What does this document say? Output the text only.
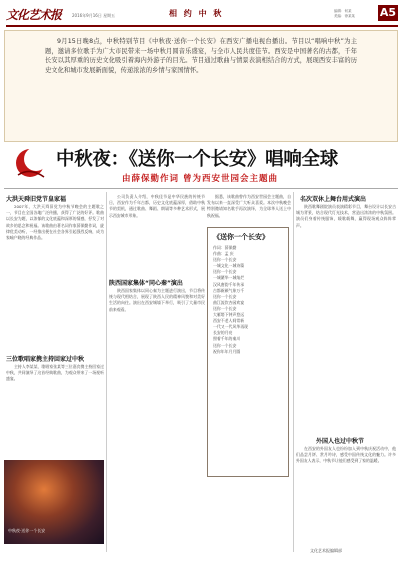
文化艺术报	2016年9月16日 星期五	相 约 中 秋	编辑：何某
美编：徐某某 A5
9月15日晚8点，中秋特别节目《中秋夜·送你一个长安》在西安广播电视台播出。节目以“唱响中秋”为主题，邀请多位歌手为广大市民带来一场中秋月圆音乐盛宴，与全市人民共度佳节。西安是中国著名的古都，千年长安以其厚重的历史文化吸引着海内外游子的目光。节目通过歌曲与情景表演相结合的方式，展现西安丰富的历史文化和城市发展新面貌，传递浓浓的乡情与家国情怀。
中秋夜：《送你一个长安》唱响全球
由薛保勤作词 曾为西安世园会主题曲
大洪天舜旧党节皇家福

2007年，大洪天舜旧党为中秋节晚会的主题歌之一，节目在全国各地广泛传播，获得了广泛的好评。歌曲以长安为题，以浓郁的文化底蕴和深厚的情感，抒发了对故乡的思念和祝福。该歌曲由著名词作家薛保勤作词，旋律优美动听，一经推出便在社会各界引起强烈反响，成为家喻户晓的经典作品。

三位歌唱家携主持回家过中秋

主持人李某某、歌唱家张某等三位嘉宾携主持回家过中秋，共同演绎了这首经典歌曲，为观众带来了一场视听盛宴。

公司负责人介绍，中秋佳节是中华民族的传统节日，西安作为千年古都，历史文化底蕴深厚，借助中秋节的契机，通过歌曲、舞蹈、朗诵等多种艺术形式，展示西安城市形象。

陕西国家集体“同心秦”演出

陕西国家集体以同心秦为主题进行演出，节目将传统与现代相结合，展现了陕西人民的精神风貌和对美好生活的向往。演出在西安城墙下举行，吸引了大量市民前来观看。

据悉，该歌曲曾作为西安世园会主题曲，自发布以来一直深受广大听众喜爱。本次中秋晚会特别邀请知名歌手再次演绎，为全球华人送上中秋祝福。

《送你一个长安》
作词：薛保勤
作曲：孟 庆
送你一个长安
一城文化一城诗篇
送你一个长安
一城繁华一城灿烂
汉风唐韵千年传承
古都新颜气象万千
送你一个长安
曲江流饮杏园欢宴
送你一个长安
大雁塔下钟声悠远
西安不老人间常新
一代又一代风华再现
长安的月亮
照着千年的秦川
送你一个长安
祝你年年月月圆
名次双休上舞台用式演出

陕西歌舞剧院演员表演精彩节目，舞台设计以长安古城为背景，结合现代灯光技术，营造出浓浓的中秋氛围。演员们身着传统服饰，载歌载舞，赢得现场观众阵阵掌声。

外国人也过中秋节

在西安的外国友人也纷纷加入到中秋庆祝活动中，他们品尝月饼、赏月吟诗，感受中国传统文化的魅力。许多外国友人表示，中秋节让他们感受到了家的温暖。

中秋夜·送你一个长安
文化艺术报编辑部
